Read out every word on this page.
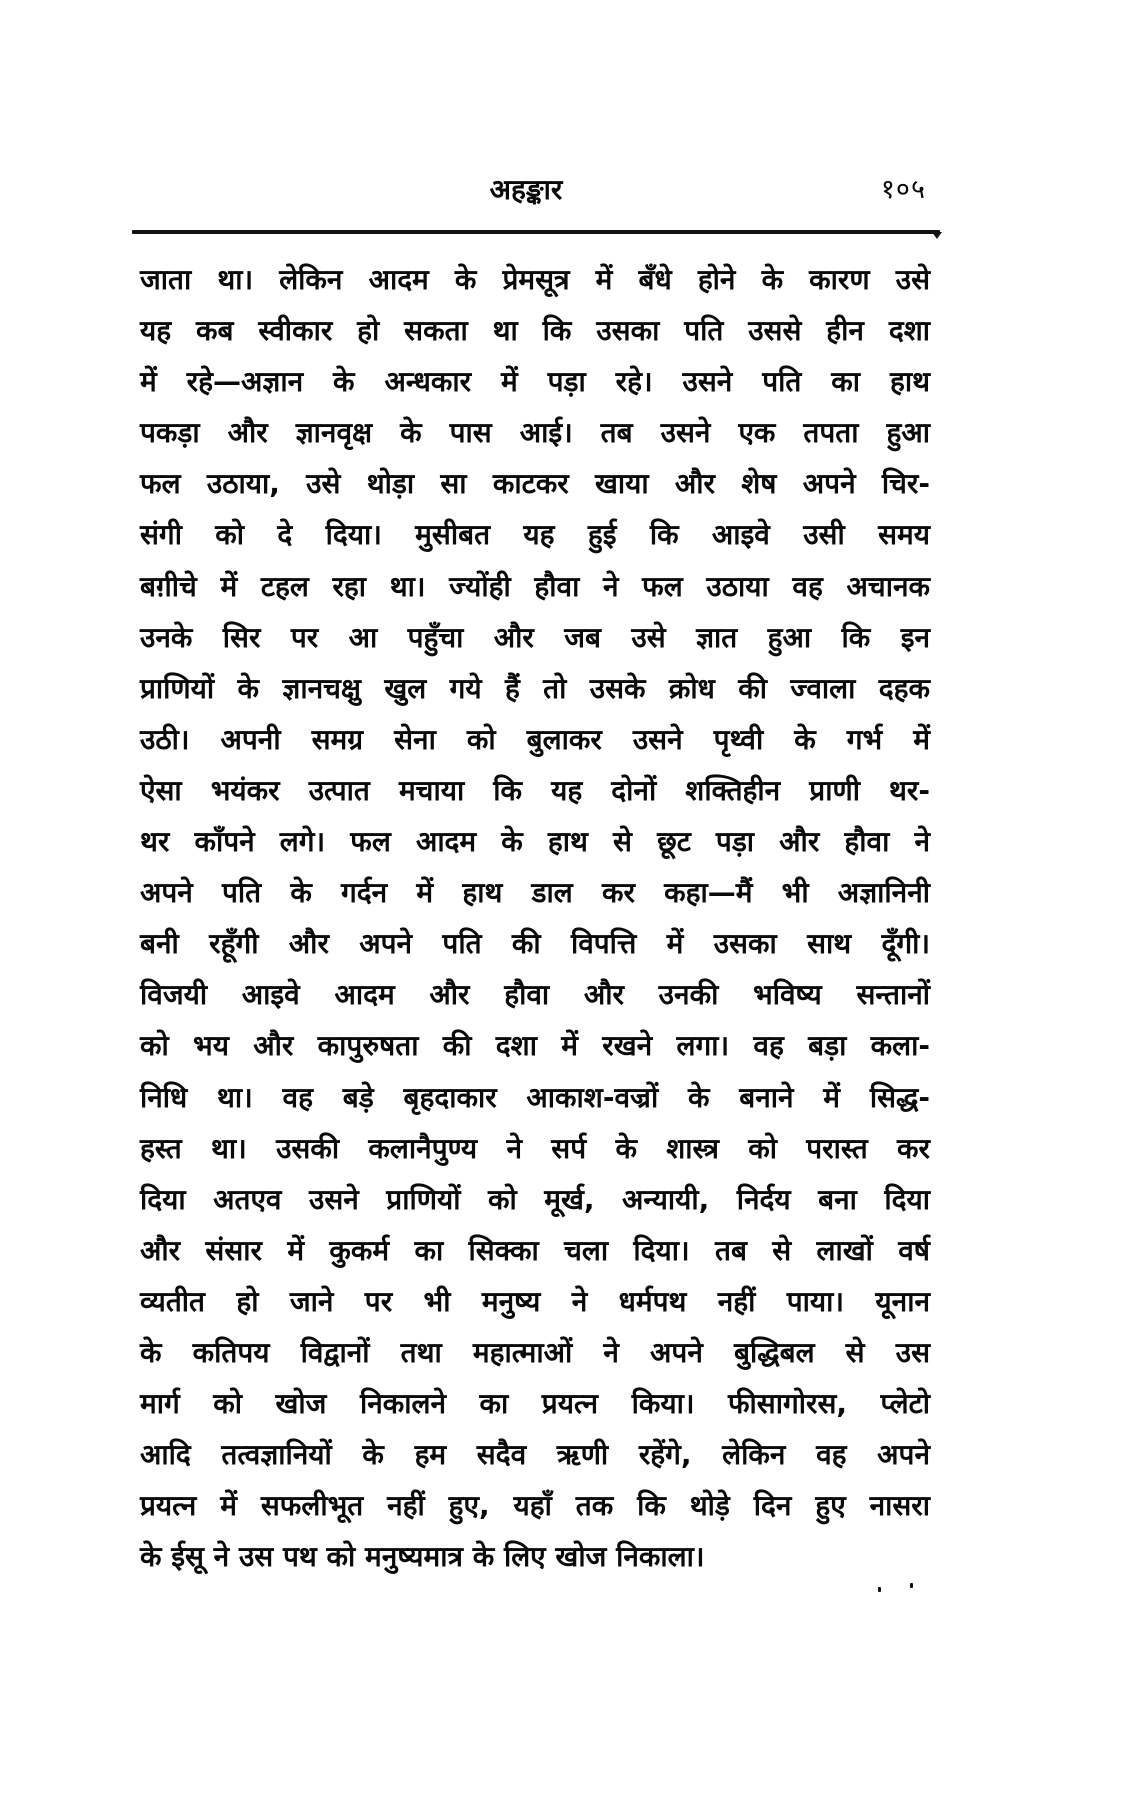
अहङ्कार	१०५
जाता था। लेकिन आदम के प्रेमसूत्र में बँधे होने के कारण उसे
यह कब स्वीकार हो सकता था कि उसका पति उससे हीन दशा
में रहे—अज्ञान के अन्धकार में पड़ा रहे। उसने पति का हाथ
पकड़ा और ज्ञानवृक्ष के पास आई। तब उसने एक तपता हुआ
फल उठाया, उसे थोड़ा सा काटकर खाया और शेष अपने चिर-
संगी को दे दिया। मुसीबत यह हुई कि आइवे उसी समय
बग़ीचे में टहल रहा था। ज्योंही हौवा ने फल उठाया वह अचानक
उनके सिर पर आ पहुँचा और जब उसे ज्ञात हुआ कि इन
प्राणियों के ज्ञानचक्षु खुल गये हैं तो उसके क्रोध की ज्वाला दहक
उठी। अपनी समग्र सेना को बुलाकर उसने पृथ्वी के गर्भ में
ऐसा भयंकर उत्पात मचाया कि यह दोनों शक्तिहीन प्राणी थर-
थर काँपने लगे। फल आदम के हाथ से छूट पड़ा और हौवा ने
अपने पति के गर्दन में हाथ डाल कर कहा—मैं भी अज्ञानिनी
बनी रहूँगी और अपने पति की विपत्ति में उसका साथ दूँगी।
विजयी आइवे आदम और हौवा और उनकी भविष्य सन्तानों
को भय और कापुरुषता की दशा में रखने लगा। वह बड़ा कला-
निधि था। वह बड़े बृहदाकार आकाश-वज्रों के बनाने में सिद्ध-
हस्त था। उसकी कलानैपुण्य ने सर्प के शास्त्र को परास्त कर
दिया अतएव उसने प्राणियों को मूर्ख, अन्यायी, निर्दय बना दिया
और संसार में कुकर्म का सिक्का चला दिया। तब से लाखों वर्ष
व्यतीत हो जाने पर भी मनुष्य ने धर्मपथ नहीं पाया। यूनान
के कतिपय विद्वानों तथा महात्माओं ने अपने बुद्धिबल से उस
मार्ग को खोज निकालने का प्रयत्न किया। फीसागोरस, प्लेटो
आदि तत्वज्ञानियों के हम सदैव ऋणी रहेंगे, लेकिन वह अपने
प्रयत्न में सफलीभूत नहीं हुए, यहाँ तक कि थोड़े दिन हुए नासरा
के ईसू ने उस पथ को मनुष्यमात्र के लिए खोज निकाला।
